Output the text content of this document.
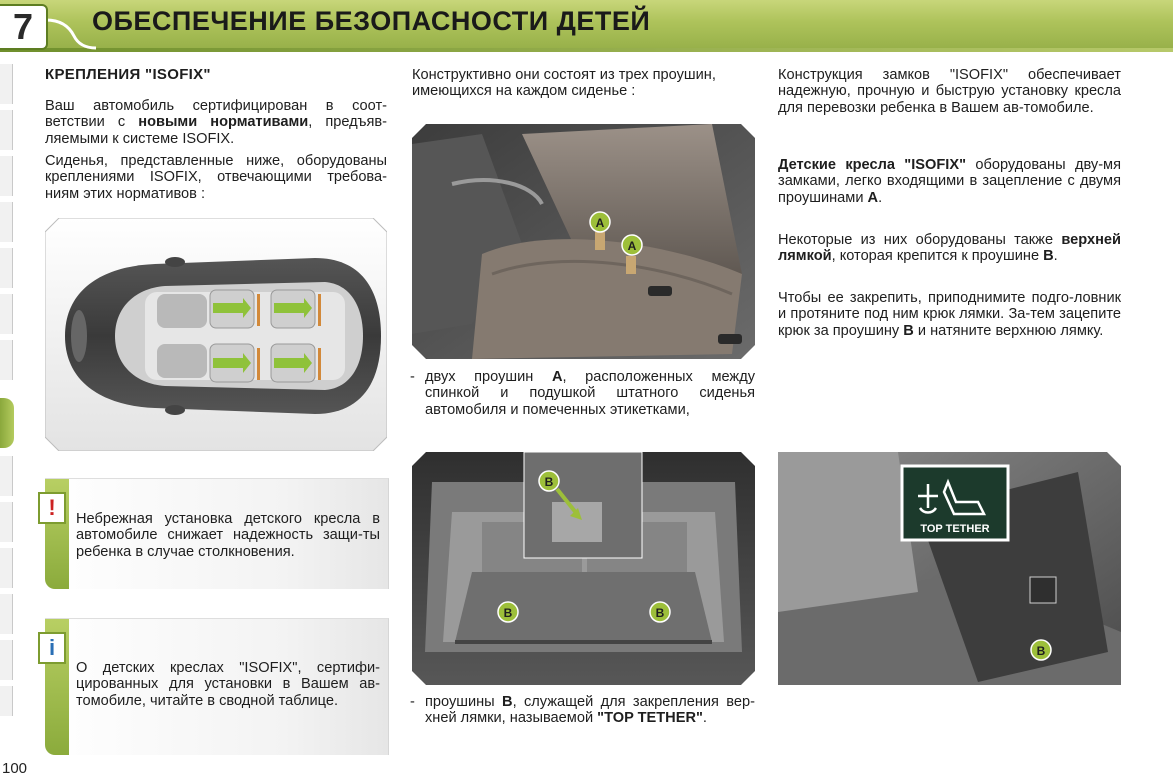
7 ОБЕСПЕЧЕНИЕ БЕЗОПАСНОСТИ ДЕТЕЙ
КРЕПЛЕНИЯ "ISOFIX"
Ваш автомобиль сертифицирован в соот-ветствии с новыми нормативами, предъяв-ляемыми к системе ISOFIX.
Сиденья, представленные ниже, оборудованы креплениями ISOFIX, отвечающими требова-ниям этих нормативов :
! Небрежная установка детского кресла в автомобиле снижает надежность защи-ты ребенка в случае столкновения.
i
О детских креслах "ISOFIX", сертифи-цированных для установки в Вашем ав-томобиле, читайте в сводной таблице.
Конструктивно они состоят из трех проушин, имеющихся на каждом сиденье :
A
A
- двух проушин A, расположенных между спинкой и подушкой штатного сиденья автомобиля и помеченных этикетками,
B
B	B
- проушины B, служащей для закрепления вер-хней лямки, называемой "TOP TETHER".
Конструкция замков "ISOFIX" обеспечивает надежную, прочную и быструю установку кресла для перевозки ребенка в Вашем ав-томобиле.
Детские кресла "ISOFIX" оборудованы дву-мя замками, легко входящими в зацепление с двумя проушинами A.
Некоторые из них оборудованы также верхней лямкой, которая крепится к проушине B.
Чтобы ее закрепить, приподнимите подго-ловник и протяните под ним крюк лямки. За-тем зацепите крюк за проушину B и натяните верхнюю лямку.
TOP TETHER
B
100
